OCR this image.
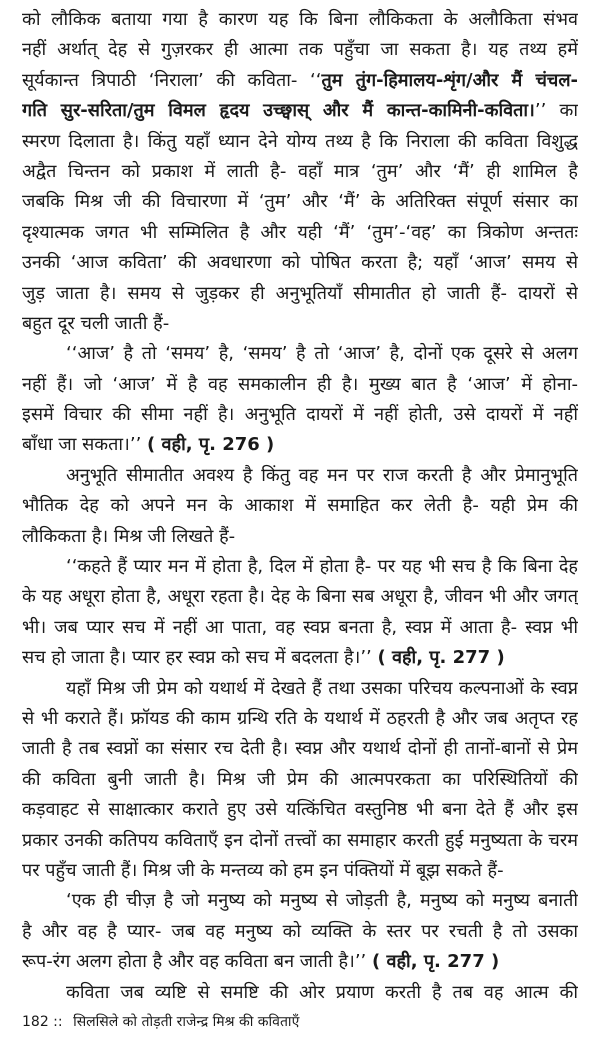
को लौकिक बताया गया है कारण यह कि बिना लौकिकता के अलौकिता संभव
नहीं अर्थात् देह से गुज़रकर ही आत्मा तक पहुँचा जा सकता है। यह तथ्य हमें
सूर्यकान्त त्रिपाठी ‘निराला’ की कविता- ‘‘तुम तुंग-हिमालय-शृंग/और मैं चंचल-
गति सुर-सरिता/तुम विमल हृदय उच्छ्वास् और मैं कान्त-कामिनी-कविता।’’ का
स्मरण दिलाता है। किंतु यहाँ ध्यान देने योग्य तथ्य है कि निराला की कविता विशुद्ध
अद्वैत चिन्तन को प्रकाश में लाती है- वहाँ मात्र ‘तुम’ और ‘मैं’ ही शामिल है
जबकि मिश्र जी की विचारणा में ‘तुम’ और ‘मैं’ के अतिरिक्त संपूर्ण संसार का
दृश्यात्मक जगत भी सम्मिलित है और यही ‘मैं’ ‘तुम’-‘वह’ का त्रिकोण अन्ततः
उनकी ‘आज कविता’ की अवधारणा को पोषित करता है; यहाँ ‘आज’ समय से
जुड़ जाता है। समय से जुड़कर ही अनुभूतियाँ सीमातीत हो जाती हैं- दायरों से
बहुत दूर चली जाती हैं-
‘‘आज’ है तो ‘समय’ है, ‘समय’ है तो ‘आज’ है, दोनों एक दूसरे से अलग
नहीं हैं। जो ‘आज’ में है वह समकालीन ही है। मुख्य बात है ‘आज’ में होना-
इसमें विचार की सीमा नहीं है। अनुभूति दायरों में नहीं होती, उसे दायरों में नहीं
बाँधा जा सकता।’’ ( वही, पृ. 276 )
अनुभूति सीमातीत अवश्य है किंतु वह मन पर राज करती है और प्रेमानुभूति
भौतिक देह को अपने मन के आकाश में समाहित कर लेती है- यही प्रेम की
लौकिकता है। मिश्र जी लिखते हैं-
‘‘कहते हैं प्यार मन में होता है, दिल में होता है- पर यह भी सच है कि बिना देह
के यह अधूरा होता है, अधूरा रहता है। देह के बिना सब अधूरा है, जीवन भी और जगत्
भी। जब प्यार सच में नहीं आ पाता, वह स्वप्न बनता है, स्वप्न में आता है- स्वप्न भी
सच हो जाता है। प्यार हर स्वप्न को सच में बदलता है।’’ ( वही, पृ. 277 )
यहाँ मिश्र जी प्रेम को यथार्थ में देखते हैं तथा उसका परिचय कल्पनाओं के स्वप्न
से भी कराते हैं। फ्रॉयड की काम ग्रन्थि रति के यथार्थ में ठहरती है और जब अतृप्त रह
जाती है तब स्वप्नों का संसार रच देती है। स्वप्न और यथार्थ दोनों ही तानों-बानों से प्रेम
की कविता बुनी जाती है। मिश्र जी प्रेम की आत्मपरकता का परिस्थितियों की
कड़वाहट से साक्षात्कार कराते हुए उसे यत्किंचित वस्तुनिष्ठ भी बना देते हैं और इस
प्रकार उनकी कतिपय कविताएँ इन दोनों तत्त्वों का समाहार करती हुई मनुष्यता के चरम
पर पहुँच जाती हैं। मिश्र जी के मन्तव्य को हम इन पंक्तियों में बूझ सकते हैं-
‘एक ही चीज़ है जो मनुष्य को मनुष्य से जोड़ती है, मनुष्य को मनुष्य बनाती
है और वह है प्यार- जब वह मनुष्य को व्यक्ति के स्तर पर रचती है तो उसका
रूप-रंग अलग होता है और वह कविता बन जाती है।’’ ( वही, पृ. 277 )
कविता जब व्यष्टि से समष्टि की ओर प्रयाण करती है तब वह आत्म की
182 :: सिलसिले को तोड़ती राजेन्द्र मिश्र की कविताएँ
